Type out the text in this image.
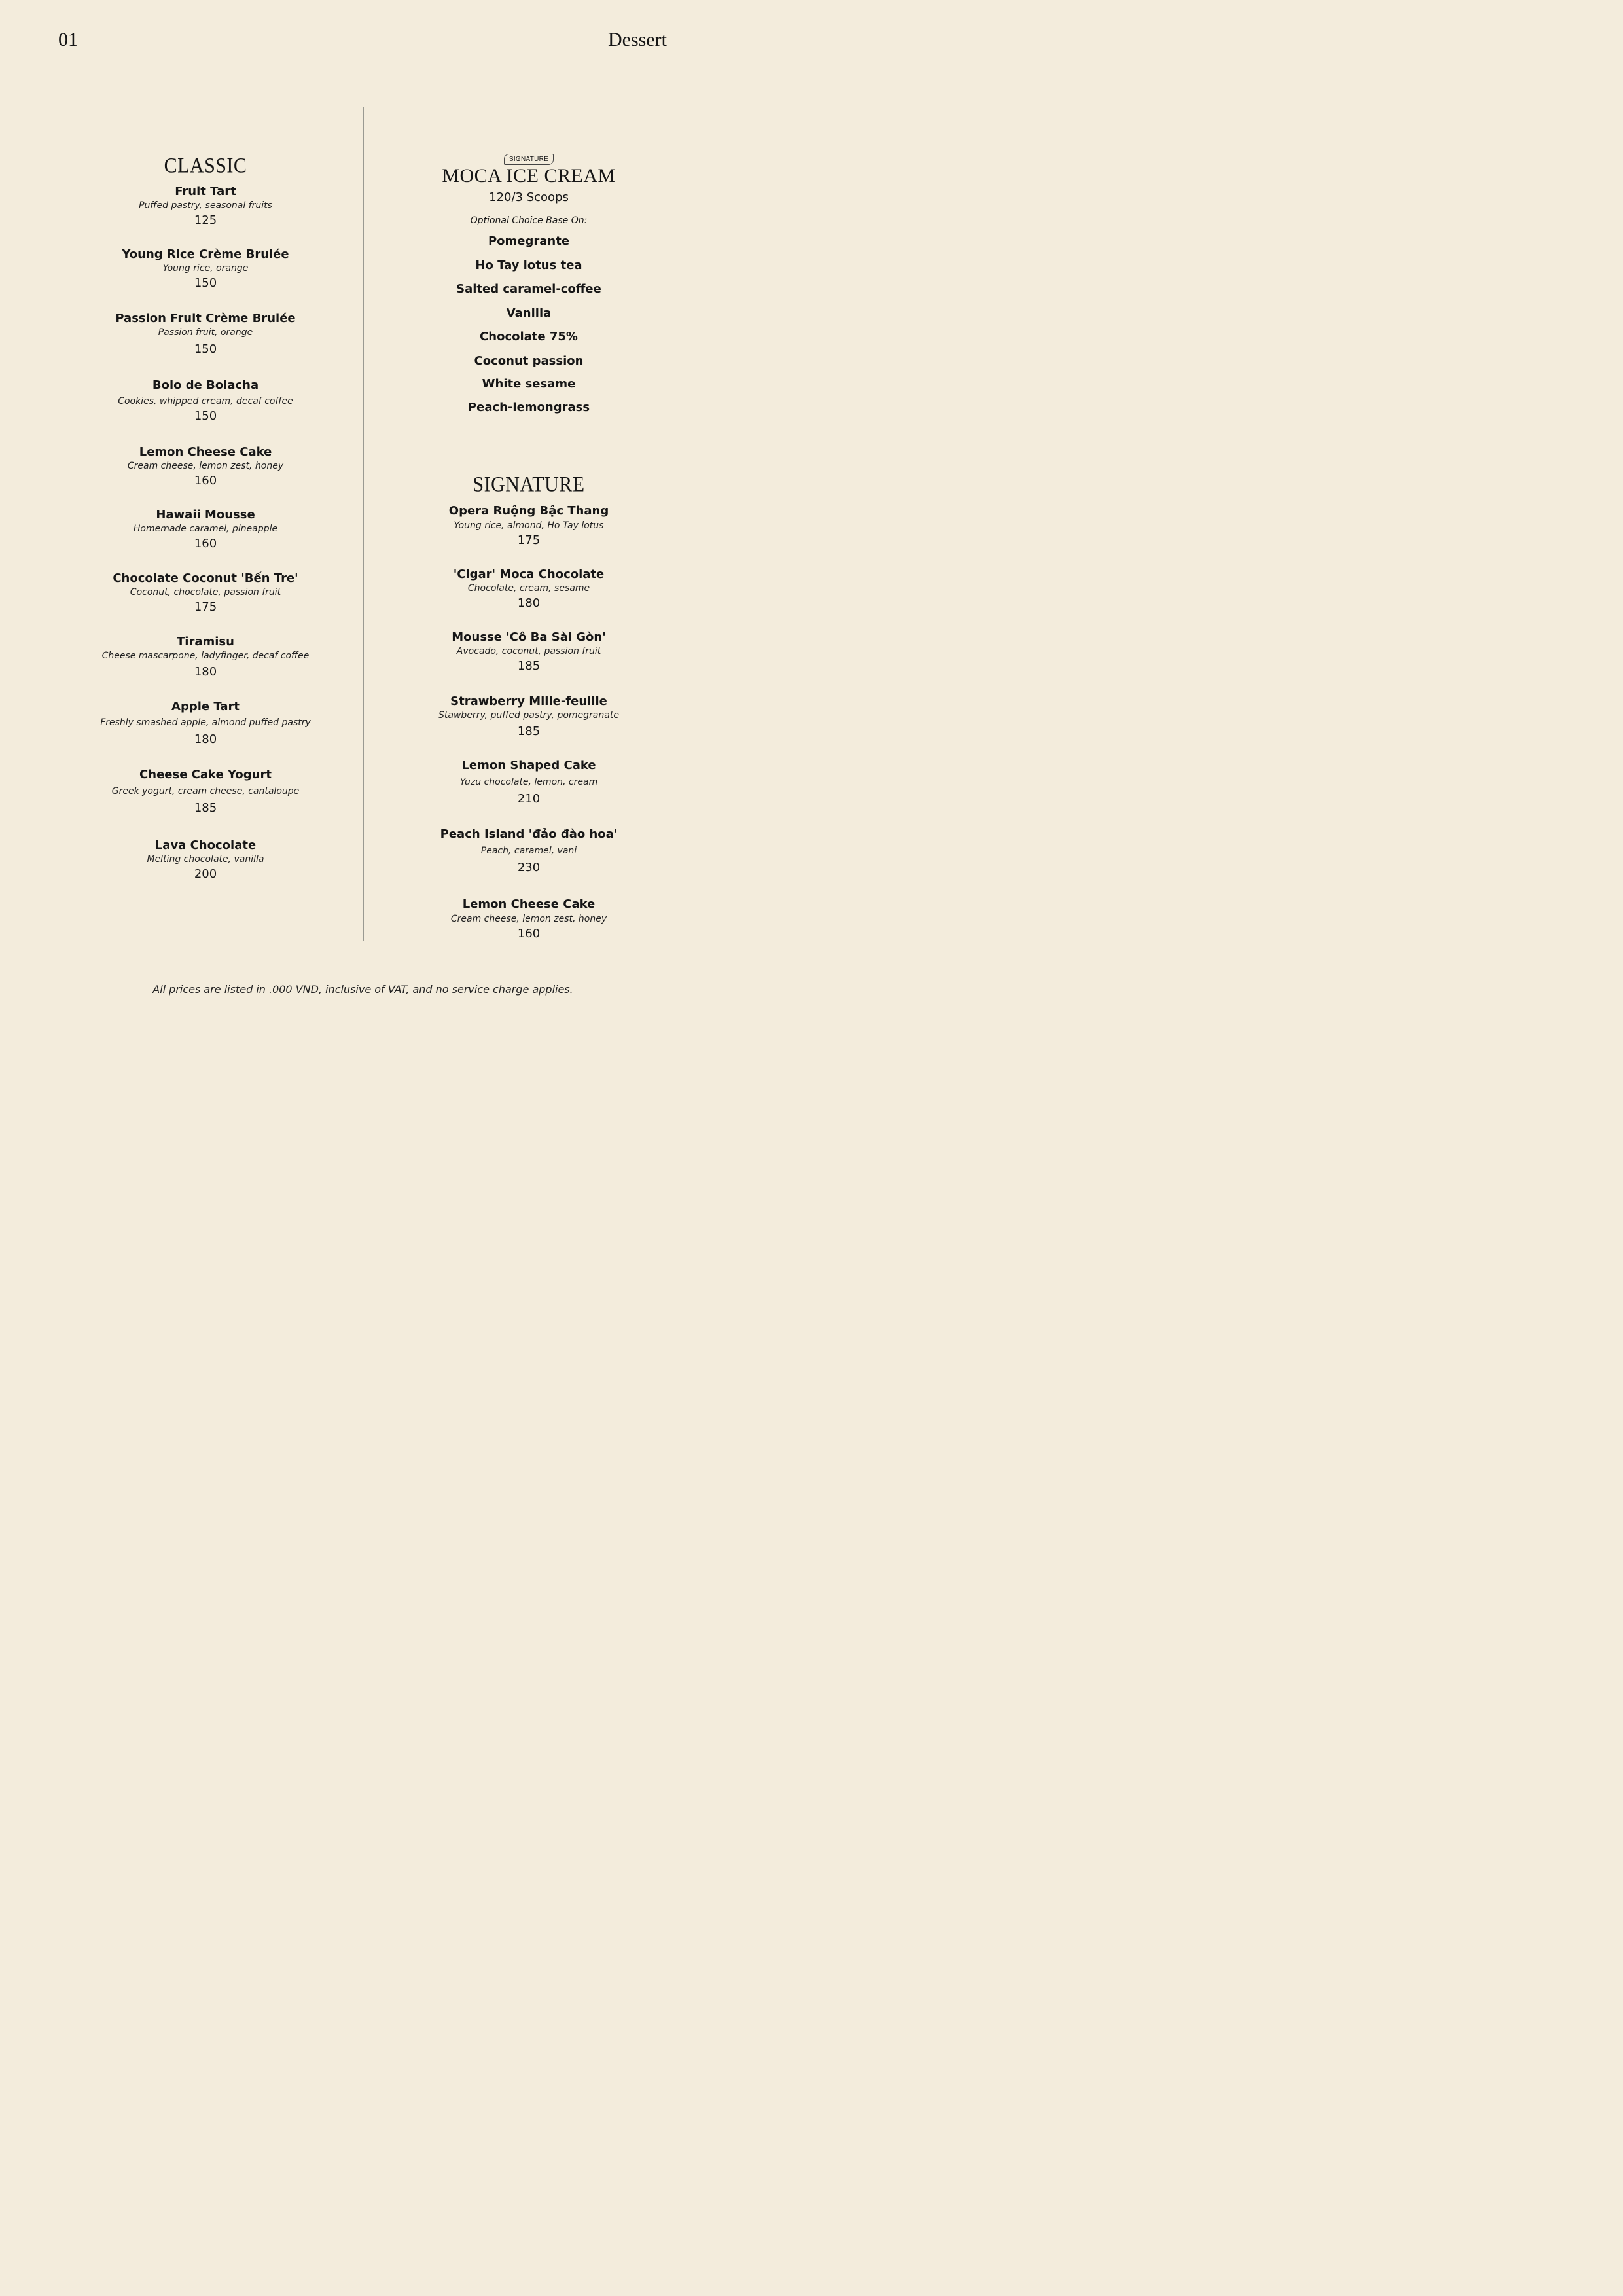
01	Dessert
CLASSIC
Fruit Tart
Puffed pastry, seasonal fruits
125
Young Rice Crème Brulée
Young rice, orange
150
Passion Fruit Crème Brulée
Passion fruit, orange
150
Bolo de Bolacha
Cookies, whipped cream, decaf coffee
150
Lemon Cheese Cake
Cream cheese, lemon zest, honey
160
Hawaii Mousse
Homemade caramel, pineapple
160
Chocolate Coconut 'Bến Tre'
Coconut, chocolate, passion fruit
175
Tiramisu
Cheese mascarpone, ladyfinger, decaf coffee
180
Apple Tart
Freshly smashed apple, almond puffed pastry
180
Cheese Cake Yogurt
Greek yogurt, cream cheese, cantaloupe
185
Lava Chocolate
Melting chocolate, vanilla
200
SIGNATURE
MOCA ICE CREAM
120/3 Scoops
Optional Choice Base On:
Pomegrante
Ho Tay lotus tea
Salted caramel-coffee
Vanilla
Chocolate 75%
Coconut passion
White sesame
Peach-lemongrass
SIGNATURE
Opera Ruộng Bậc Thang
Young rice, almond, Ho Tay lotus
175
'Cigar' Moca Chocolate
Chocolate, cream, sesame
180
Mousse 'Cô Ba Sài Gòn'
Avocado, coconut, passion fruit
185
Strawberry Mille-feuille
Stawberry, puffed pastry, pomegranate
185
Lemon Shaped Cake
Yuzu chocolate, lemon, cream
210
Peach Island 'đảo đào hoa'
Peach, caramel, vani
230
Lemon Cheese Cake
Cream cheese, lemon zest, honey
160
All prices are listed in .000 VND, inclusive of VAT, and no service charge applies.
